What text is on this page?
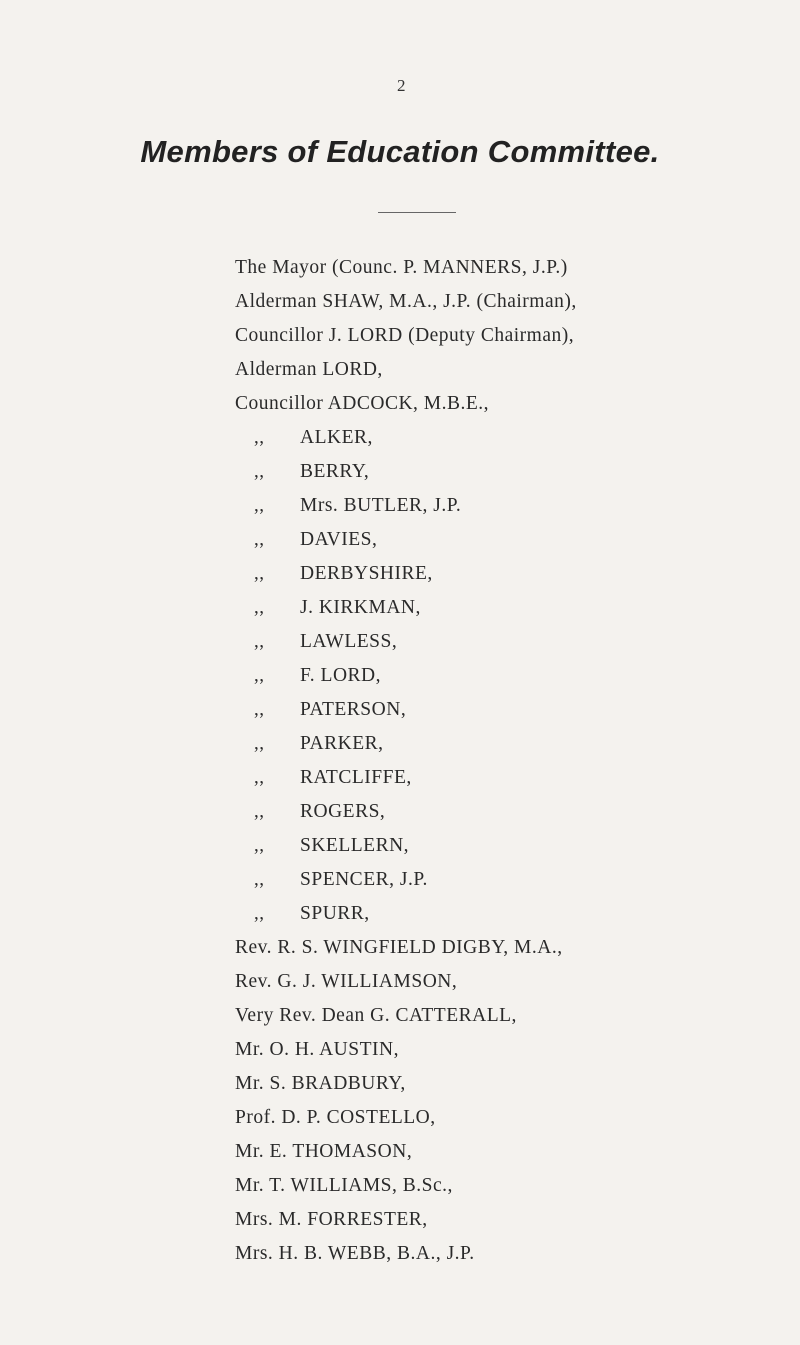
2
Members of Education Committee.
The Mayor (Counc. P. MANNERS, J.P.)
Alderman SHAW, M.A., J.P. (Chairman),
Councillor J. LORD (Deputy Chairman),
Alderman LORD,
Councillor ADCOCK, M.B.E.,
,, ALKER,
,, BERRY,
,, Mrs. BUTLER, J.P.
,, DAVIES,
,, DERBYSHIRE,
,, J. KIRKMAN,
,, LAWLESS,
,, F. LORD,
,, PATERSON,
,, PARKER,
,, RATCLIFFE,
,, ROGERS,
,, SKELLERN,
,, SPENCER, J.P.
,, SPURR,
Rev. R. S. WINGFIELD DIGBY, M.A.,
Rev. G. J. WILLIAMSON,
Very Rev. Dean G. CATTERALL,
Mr. O. H. AUSTIN,
Mr. S. BRADBURY,
Prof. D. P. COSTELLO,
Mr. E. THOMASON,
Mr. T. WILLIAMS, B.Sc.,
Mrs. M. FORRESTER,
Mrs. H. B. WEBB, B.A., J.P.
